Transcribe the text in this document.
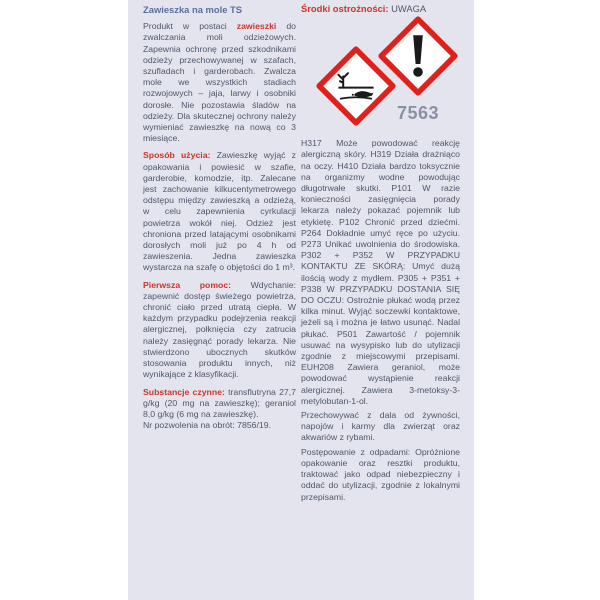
Zawieszka na mole TS

Produkt w postaci zawieszki do zwalczania moli odzieżowych. Zapewnia ochronę przed szkodnikami odzieży przechowywanej w szafach, szufladach i garderobach. Zwalcza mole we wszystkich stadiach rozwojowych – jaja, larwy i osobniki dorosłe. Nie pozostawia śladów na odzieży. Dla skutecznej ochrony należy wymieniać zawieszkę na nową co 3 miesiące.

Sposób użycia: Zawieszkę wyjąć z opakowania i powiesić w szafie, garderobie, komodzie, itp. Zalecane jest zachowanie kilkucentymetrowego odstępu między zawieszką a odzieżą, w celu zapewnienia cyrkulacji powietrza wokół niej. Odzież jest chroniona przed latającymi osobnikami dorosłych moli już po 4 h od zawieszenia. Jedna zawieszka wystarcza na szafę o objętości do 1 m³.

Pierwsza pomoc: Wdychanie: zapewnić dostęp świeżego powietrza, chronić ciało przed utratą ciepła. W każdym przypadku podejrzenia reakcji alergicznej, połknięcia czy zatrucia należy zasięgnąć porady lekarza. Nie stwierdzono ubocznych skutków stosowania produktu innych, niż wynikające z klasyfikacji.

Substancje czynne: transflutryna 27,7 g/kg (20 mg na zawieszkę); geraniol 8,0 g/kg (6 mg na zawieszkę).

Nr pozwolenia na obrót: 7856/19.

Środki ostrożności: UWAGA
7563

H317 Może powodować reakcję alergiczną skóry. H319 Działa drażniąco na oczy. H410 Działa bardzo toksycznie na organizmy wodne powodując długotrwałe skutki. P101 W razie konieczności zasięgnięcia porady lekarza należy pokazać pojemnik lub etykietę. P102 Chronić przed dziećmi. P264 Dokładnie umyć ręce po użyciu. P273 Unikać uwolnienia do środowiska. P302 + P352 W PRZYPADKU KONTAKTU ZE SKÓRĄ: Umyć dużą ilością wody z mydłem. P305 + P351 + P338 W PRZYPADKU DOSTANIA SIĘ DO OCZU: Ostrożnie płukać wodą przez kilka minut. Wyjąć soczewki kontaktowe, jeżeli są i można je łatwo usunąć. Nadal płukać. P501 Zawartość / pojemnik usuwać na wysypisko lub do utylizacji zgodnie z miejscowymi przepisami. EUH208 Zawiera geraniol, może powodować wystąpienie reakcji alergicznej. Zawiera 3-metoksy-3-metylobutan-1-ol.

Przechowywać z dala od żywności, napojów i karmy dla zwierząt oraz akwariów z rybami.

Postępowanie z odpadami: Opróżnione opakowanie oraz resztki produktu, traktować jako odpad niebezpieczny i oddać do utylizacji, zgodnie z lokalnymi przepisami.
